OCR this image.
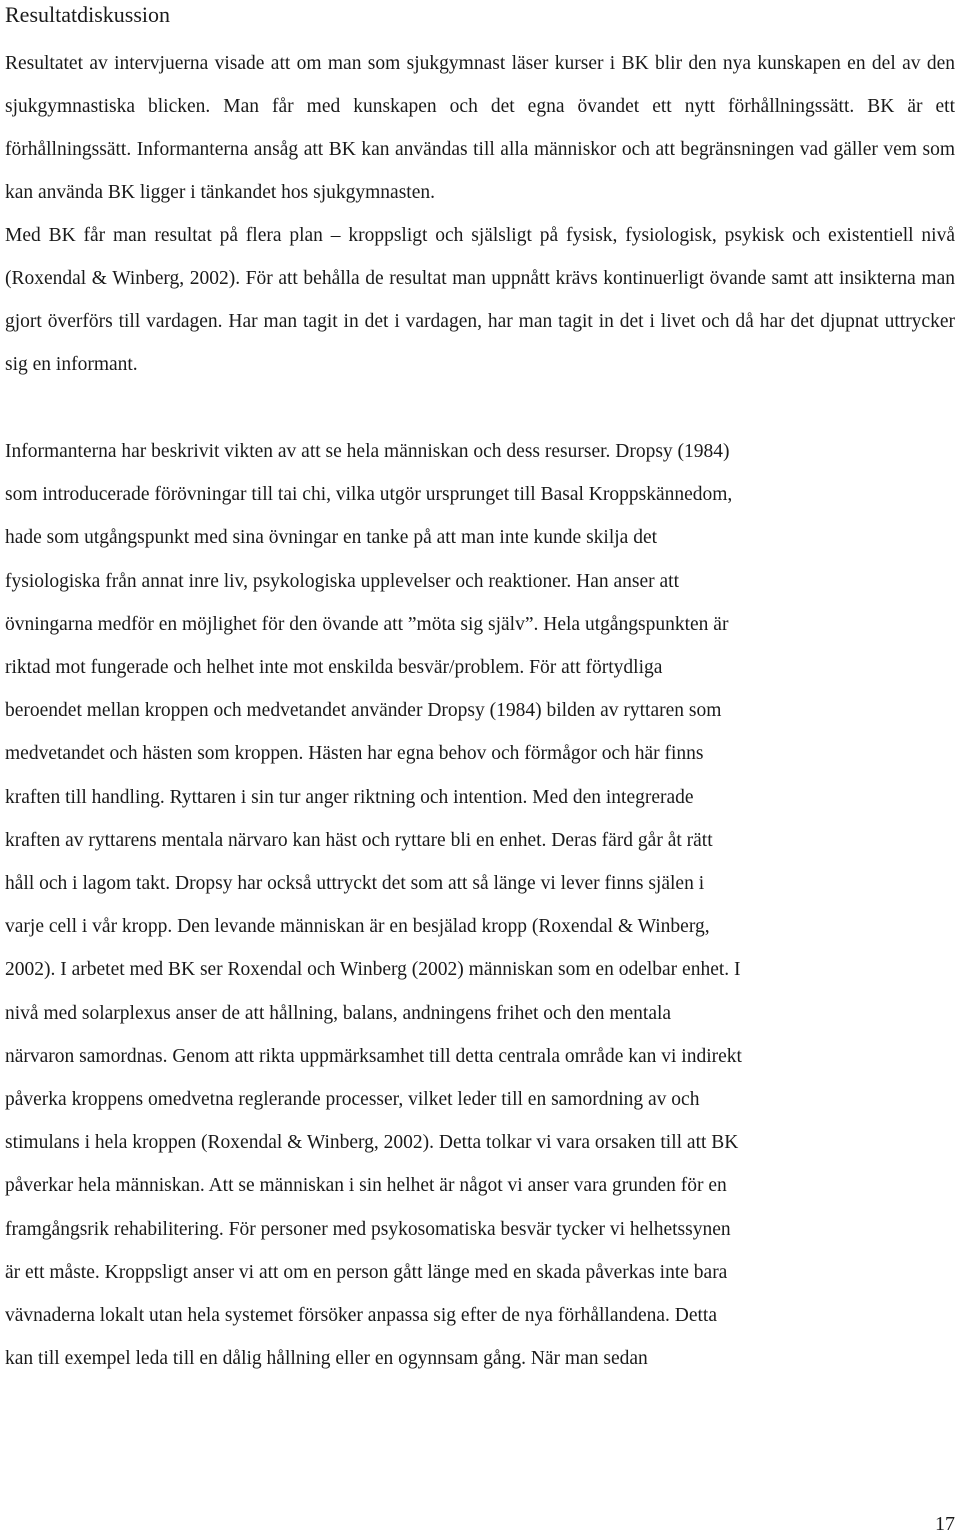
Resultatdiskussion
Resultatet av intervjuerna visade att om man som sjukgymnast läser kurser i BK blir den nya kunskapen en del av den sjukgymnastiska blicken. Man får med kunskapen och det egna övandet ett nytt förhållningssätt. BK är ett förhållningssätt. Informanterna ansåg att BK kan användas till alla människor och att begränsningen vad gäller vem som kan använda BK ligger i tänkandet hos sjukgymnasten.
Med BK får man resultat på flera plan – kroppsligt och själsligt på fysisk, fysiologisk, psykisk och existentiell nivå (Roxendal & Winberg, 2002). För att behålla de resultat man uppnått krävs kontinuerligt övande samt att insikterna man gjort överförs till vardagen. Har man tagit in det i vardagen, har man tagit in det i livet och då har det djupnat uttrycker sig en informant.
Informanterna har beskrivit vikten av att se hela människan och dess resurser. Dropsy (1984)
som introducerade förövningar till tai chi, vilka utgör ursprunget till Basal Kroppskännedom,
hade som utgångspunkt med sina övningar en tanke på att man inte kunde skilja det
fysiologiska från annat inre liv, psykologiska upplevelser och reaktioner. Han anser att
övningarna medför en möjlighet för den övande att ”möta sig själv”. Hela utgångspunkten är
riktad mot fungerade och helhet inte mot enskilda besvär/problem. För att förtydliga
beroendet mellan kroppen och medvetandet använder Dropsy (1984) bilden av ryttaren som
medvetandet och hästen som kroppen. Hästen har egna behov och förmågor och här finns
kraften till handling. Ryttaren i sin tur anger riktning och intention. Med den integrerade
kraften av ryttarens mentala närvaro kan häst och ryttare bli en enhet. Deras färd går åt rätt
håll och i lagom takt. Dropsy har också uttryckt det som att så länge vi lever finns själen i
varje cell i vår kropp. Den levande människan är en besjälad kropp (Roxendal & Winberg,
2002). I arbetet med BK ser Roxendal och Winberg (2002) människan som en odelbar enhet. I
nivå med solarplexus anser de att hållning, balans, andningens frihet och den mentala
närvaron samordnas. Genom att rikta uppmärksamhet till detta centrala område kan vi indirekt
påverka kroppens omedvetna reglerande processer, vilket leder till en samordning av och
stimulans i hela kroppen (Roxendal & Winberg, 2002). Detta tolkar vi vara orsaken till att BK
påverkar hela människan. Att se människan i sin helhet är något vi anser vara grunden för en
framgångsrik rehabilitering. För personer med psykosomatiska besvär tycker vi helhetssynen
är ett måste. Kroppsligt anser vi att om en person gått länge med en skada påverkas inte bara
vävnaderna lokalt utan hela systemet försöker anpassa sig efter de nya förhållandena. Detta
kan till exempel leda till en dålig hållning eller en ogynnsam gång. När man sedan
17
